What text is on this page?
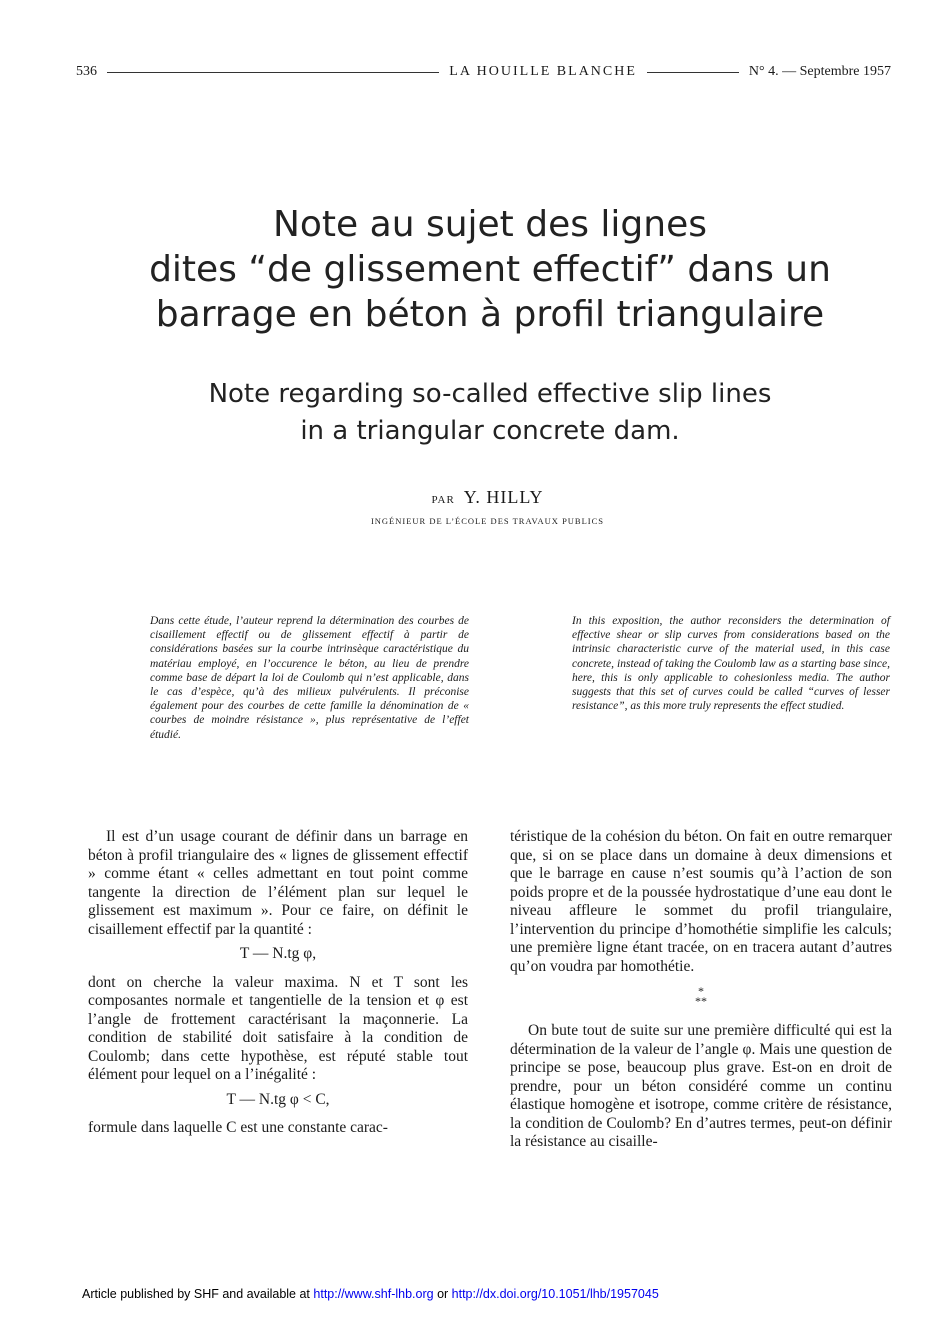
536	LA HOUILLE BLANCHE	N° 4. — Septembre 1957
Note au sujet des lignes
dites “de glissement effectif” dans un
barrage en béton à profil triangulaire
Note regarding so-called effective slip lines
in a triangular concrete dam.
PAR Y. HILLY
INGÉNIEUR DE L’ÉCOLE DES TRAVAUX PUBLICS
Dans cette étude, l’auteur reprend la détermination des courbes de cisaillement effectif ou de glissement effectif à partir de considérations basées sur la courbe intrinsèque caractéristique du matériau employé, en l’occurence le béton, au lieu de prendre comme base de départ la loi de Coulomb qui n’est applicable, dans le cas d’espèce, qu’à des milieux pulvérulents. Il préconise également pour des courbes de cette famille la dénomination de « courbes de moindre résistance », plus représentative de l’effet étudié.
In this exposition, the author reconsiders the determination of effective shear or slip curves from considerations based on the intrinsic characteristic curve of the material used, in this case concrete, instead of taking the Coulomb law as a starting base since, here, this is only applicable to cohesionless media. The author suggests that this set of curves could be called “curves of lesser resistance”, as this more truly represents the effect studied.

Il est d’un usage courant de définir dans un barrage en béton à profil triangulaire des « lignes de glissement effectif » comme étant « celles admettant en tout point comme tangente la direction de l’élément plan sur lequel le glissement est maximum ». Pour ce faire, on définit le cisaillement effectif par la quantité :

T — N.tg φ,

dont on cherche la valeur maxima. N et T sont les composantes normale et tangentielle de la tension et φ est l’angle de frottement caractérisant la maçonnerie. La condition de stabilité doit satisfaire à la condition de Coulomb; dans cette hypothèse, est réputé stable tout élément pour lequel on a l’inégalité :

T — N.tg φ < C,

formule dans laquelle C est une constante carac-

téristique de la cohésion du béton. On fait en outre remarquer que, si on se place dans un domaine à deux dimensions et que le barrage en cause n’est soumis qu’à l’action de son poids propre et de la poussée hydrostatique d’une eau dont le niveau affleure le sommet du profil triangulaire, l’intervention du principe d’homothétie simplifie les calculs; une première ligne étant tracée, on en tracera autant d’autres qu’on voudra par homothétie.

*
**

On bute tout de suite sur une première difficulté qui est la détermination de la valeur de l’angle φ. Mais une question de principe se pose, beaucoup plus grave. Est-on en droit de prendre, pour un béton considéré comme un continu élastique homogène et isotrope, comme critère de résistance, la condition de Coulomb? En d’autres termes, peut-on définir la résistance au cisaille-

Article published by SHF and available at http://www.shf-lhb.org or http://dx.doi.org/10.1051/lhb/1957045
